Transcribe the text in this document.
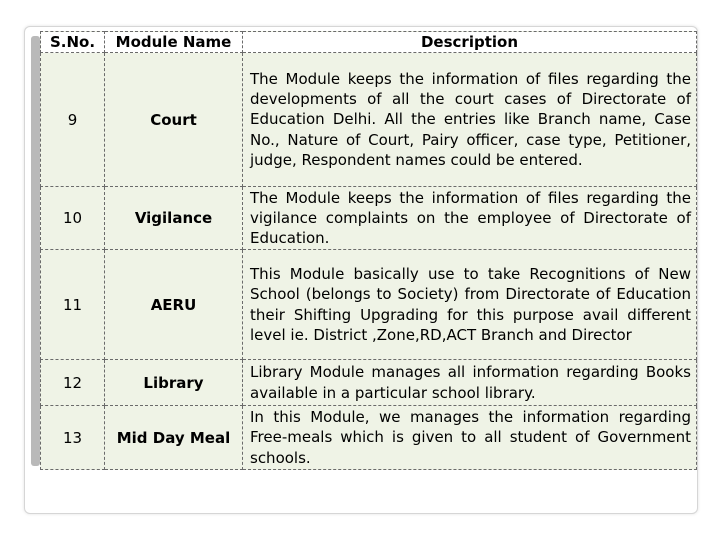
S.No.	Module Name	Description
9	Court	The Module keeps the information of files regarding the developments of all the court cases of Directorate of Education Delhi. All the entries like Branch name, Case No., Nature of Court, Pairy officer, case type, Petitioner, judge, Respondent names could be entered.
10	Vigilance	The Module keeps the information of files regarding the vigilance complaints on the employee of Directorate of Education.
11	AERU	This Module basically use to take Recognitions of New School (belongs to Society) from Directorate of Education their Shifting Upgrading for this purpose avail different level ie. District ,Zone,RD,ACT Branch and Director
12	Library	Library Module manages all information regarding Books available in a particular school library.
13	Mid Day Meal	In this Module, we manages the information regarding Free-meals which is given to all student of Government schools.
